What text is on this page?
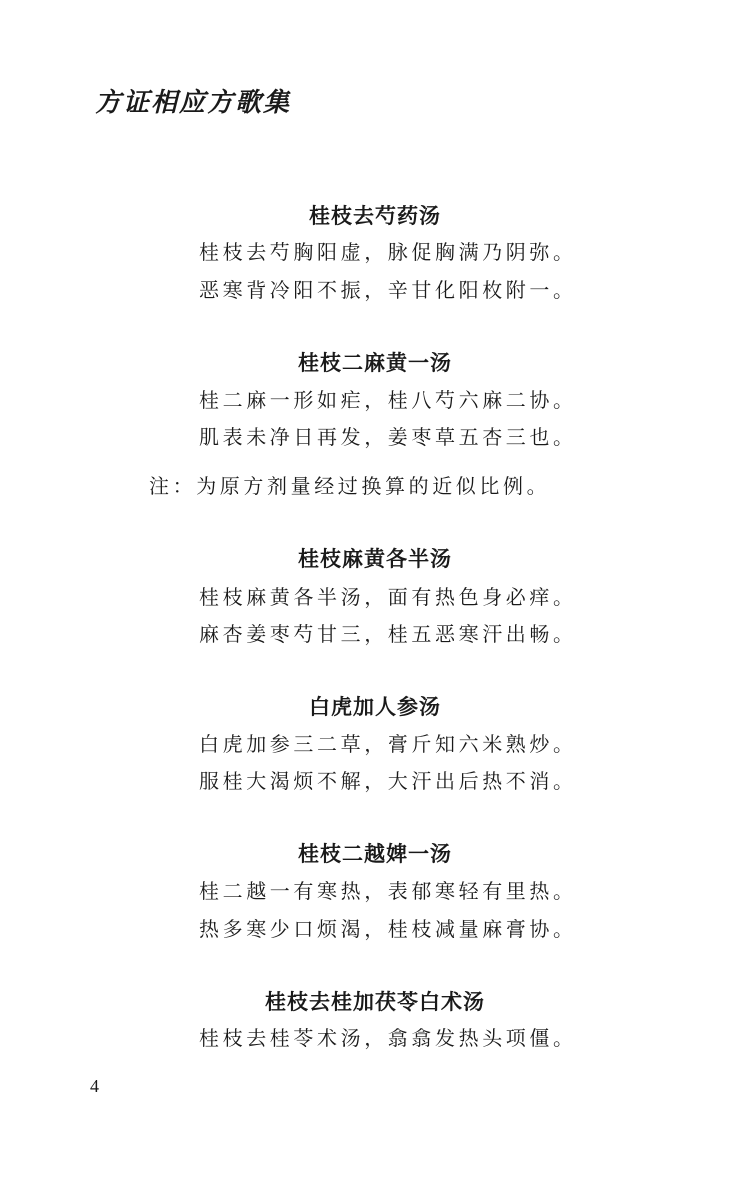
方证相应方歌集
桂枝去芍药汤
桂枝去芍胸阳虚，脉促胸满乃阴弥。
恶寒背冷阳不振，辛甘化阳枚附一。
桂枝二麻黄一汤
桂二麻一形如疟，桂八芍六麻二协。
肌表未净日再发，姜枣草五杏三也。
注：为原方剂量经过换算的近似比例。
桂枝麻黄各半汤
桂枝麻黄各半汤，面有热色身必痒。
麻杏姜枣芍甘三，桂五恶寒汗出畅。
白虎加人参汤
白虎加参三二草，膏斤知六米熟炒。
服桂大渴烦不解，大汗出后热不消。
桂枝二越婢一汤
桂二越一有寒热，表郁寒轻有里热。
热多寒少口烦渴，桂枝减量麻膏协。
桂枝去桂加茯苓白术汤
桂枝去桂苓术汤，翕翕发热头项僵。
4
